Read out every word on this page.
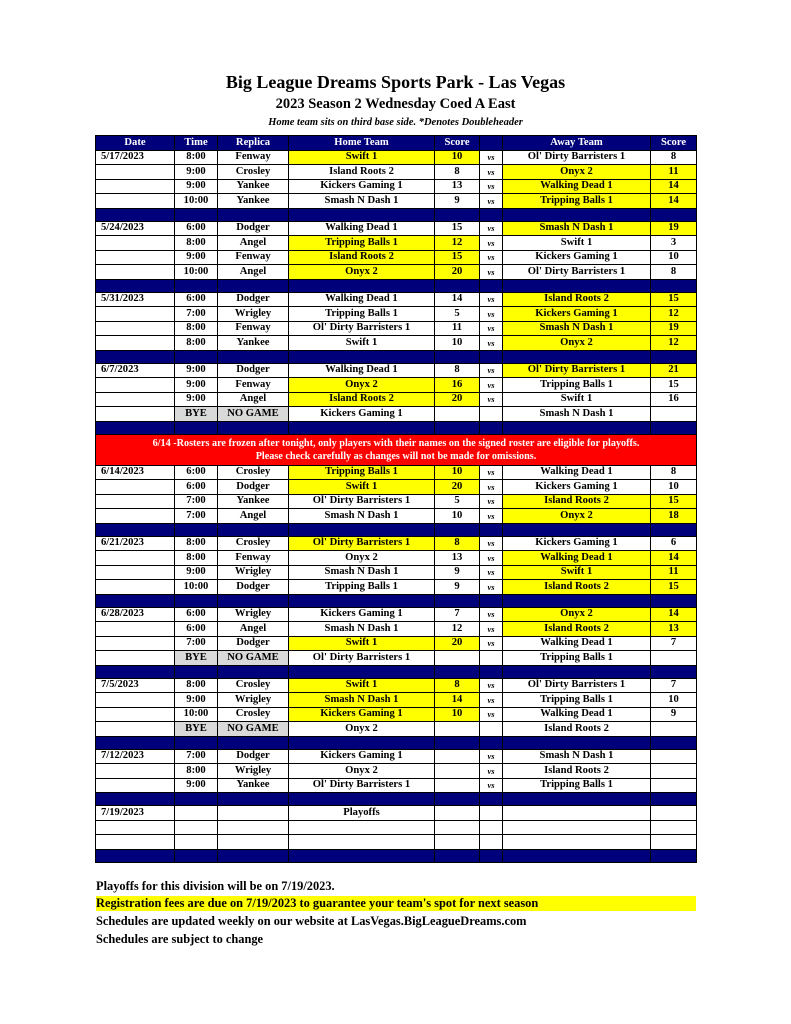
Big League Dreams Sports Park - Las Vegas
2023 Season 2 Wednesday Coed A East
Home team sits on third base side. *Denotes Doubleheader
Date	Time	Replica	Home Team	Score		Away Team	Score
5/17/2023	8:00	Fenway	Swift 1	10	vs	Ol' Dirty Barristers 1	8
	9:00	Crosley	Island Roots 2	8	vs	Onyx 2	11
	9:00	Yankee	Kickers Gaming 1	13	vs	Walking Dead 1	14
	10:00	Yankee	Smash N Dash 1	9	vs	Tripping Balls 1	14

5/24/2023	6:00	Dodger	Walking Dead 1	15	vs	Smash N Dash 1	19
	8:00	Angel	Tripping Balls 1	12	vs	Swift 1	3
	9:00	Fenway	Island Roots 2	15	vs	Kickers Gaming 1	10
	10:00	Angel	Onyx 2	20	vs	Ol' Dirty Barristers 1	8

5/31/2023	6:00	Dodger	Walking Dead 1	14	vs	Island Roots 2	15
	7:00	Wrigley	Tripping Balls 1	5	vs	Kickers Gaming 1	12
	8:00	Fenway	Ol' Dirty Barristers 1	11	vs	Smash N Dash 1	19
	8:00	Yankee	Swift 1	10	vs	Onyx 2	12

6/7/2023	9:00	Dodger	Walking Dead 1	8	vs	Ol' Dirty Barristers 1	21
	9:00	Fenway	Onyx 2	16	vs	Tripping Balls 1	15
	9:00	Angel	Island Roots 2	20	vs	Swift 1	16
	BYE	NO GAME	Kickers Gaming 1			Smash N Dash 1	

6/14 -Rosters are frozen after tonight, only players with their names on the signed roster are eligible for playoffs.
Please check carefully as changes will not be made for omissions.							

6/14/2023	6:00	Crosley	Tripping Balls 1	10	vs	Walking Dead 1	8
	6:00	Dodger	Swift 1	20	vs	Kickers Gaming 1	10
	7:00	Yankee	Ol' Dirty Barristers 1	5	vs	Island Roots 2	15
	7:00	Angel	Smash N Dash 1	10	vs	Onyx 2	18

6/21/2023	8:00	Crosley	Ol' Dirty Barristers 1	8	vs	Kickers Gaming 1	6
	8:00	Fenway	Onyx 2	13	vs	Walking Dead 1	14
	9:00	Wrigley	Smash N Dash 1	9	vs	Swift 1	11
	10:00	Dodger	Tripping Balls 1	9	vs	Island Roots 2	15

6/28/2023	6:00	Wrigley	Kickers Gaming 1	7	vs	Onyx 2	14
	6:00	Angel	Smash N Dash 1	12	vs	Island Roots 2	13
	7:00	Dodger	Swift 1	20	vs	Walking Dead 1	7
	BYE	NO GAME	Ol' Dirty Barristers 1			Tripping Balls 1	

7/5/2023	8:00	Crosley	Swift 1	8	vs	Ol' Dirty Barristers 1	7
	9:00	Wrigley	Smash N Dash 1	14	vs	Tripping Balls 1	10
	10:00	Crosley	Kickers Gaming 1	10	vs	Walking Dead 1	9
	BYE	NO GAME	Onyx 2			Island Roots 2	

7/12/2023	7:00	Dodger	Kickers Gaming 1		vs	Smash N Dash 1	
	8:00	Wrigley	Onyx 2		vs	Island Roots 2	
	9:00	Yankee	Ol' Dirty Barristers 1		vs	Tripping Balls 1	

7/19/2023			Playoffs				

Playoffs for this division will be on 7/19/2023.
Registration fees are due on 7/19/2023 to guarantee your team's spot for next season
Schedules are updated weekly on our website at LasVegas.BigLeagueDreams.com
Schedules are subject to change
